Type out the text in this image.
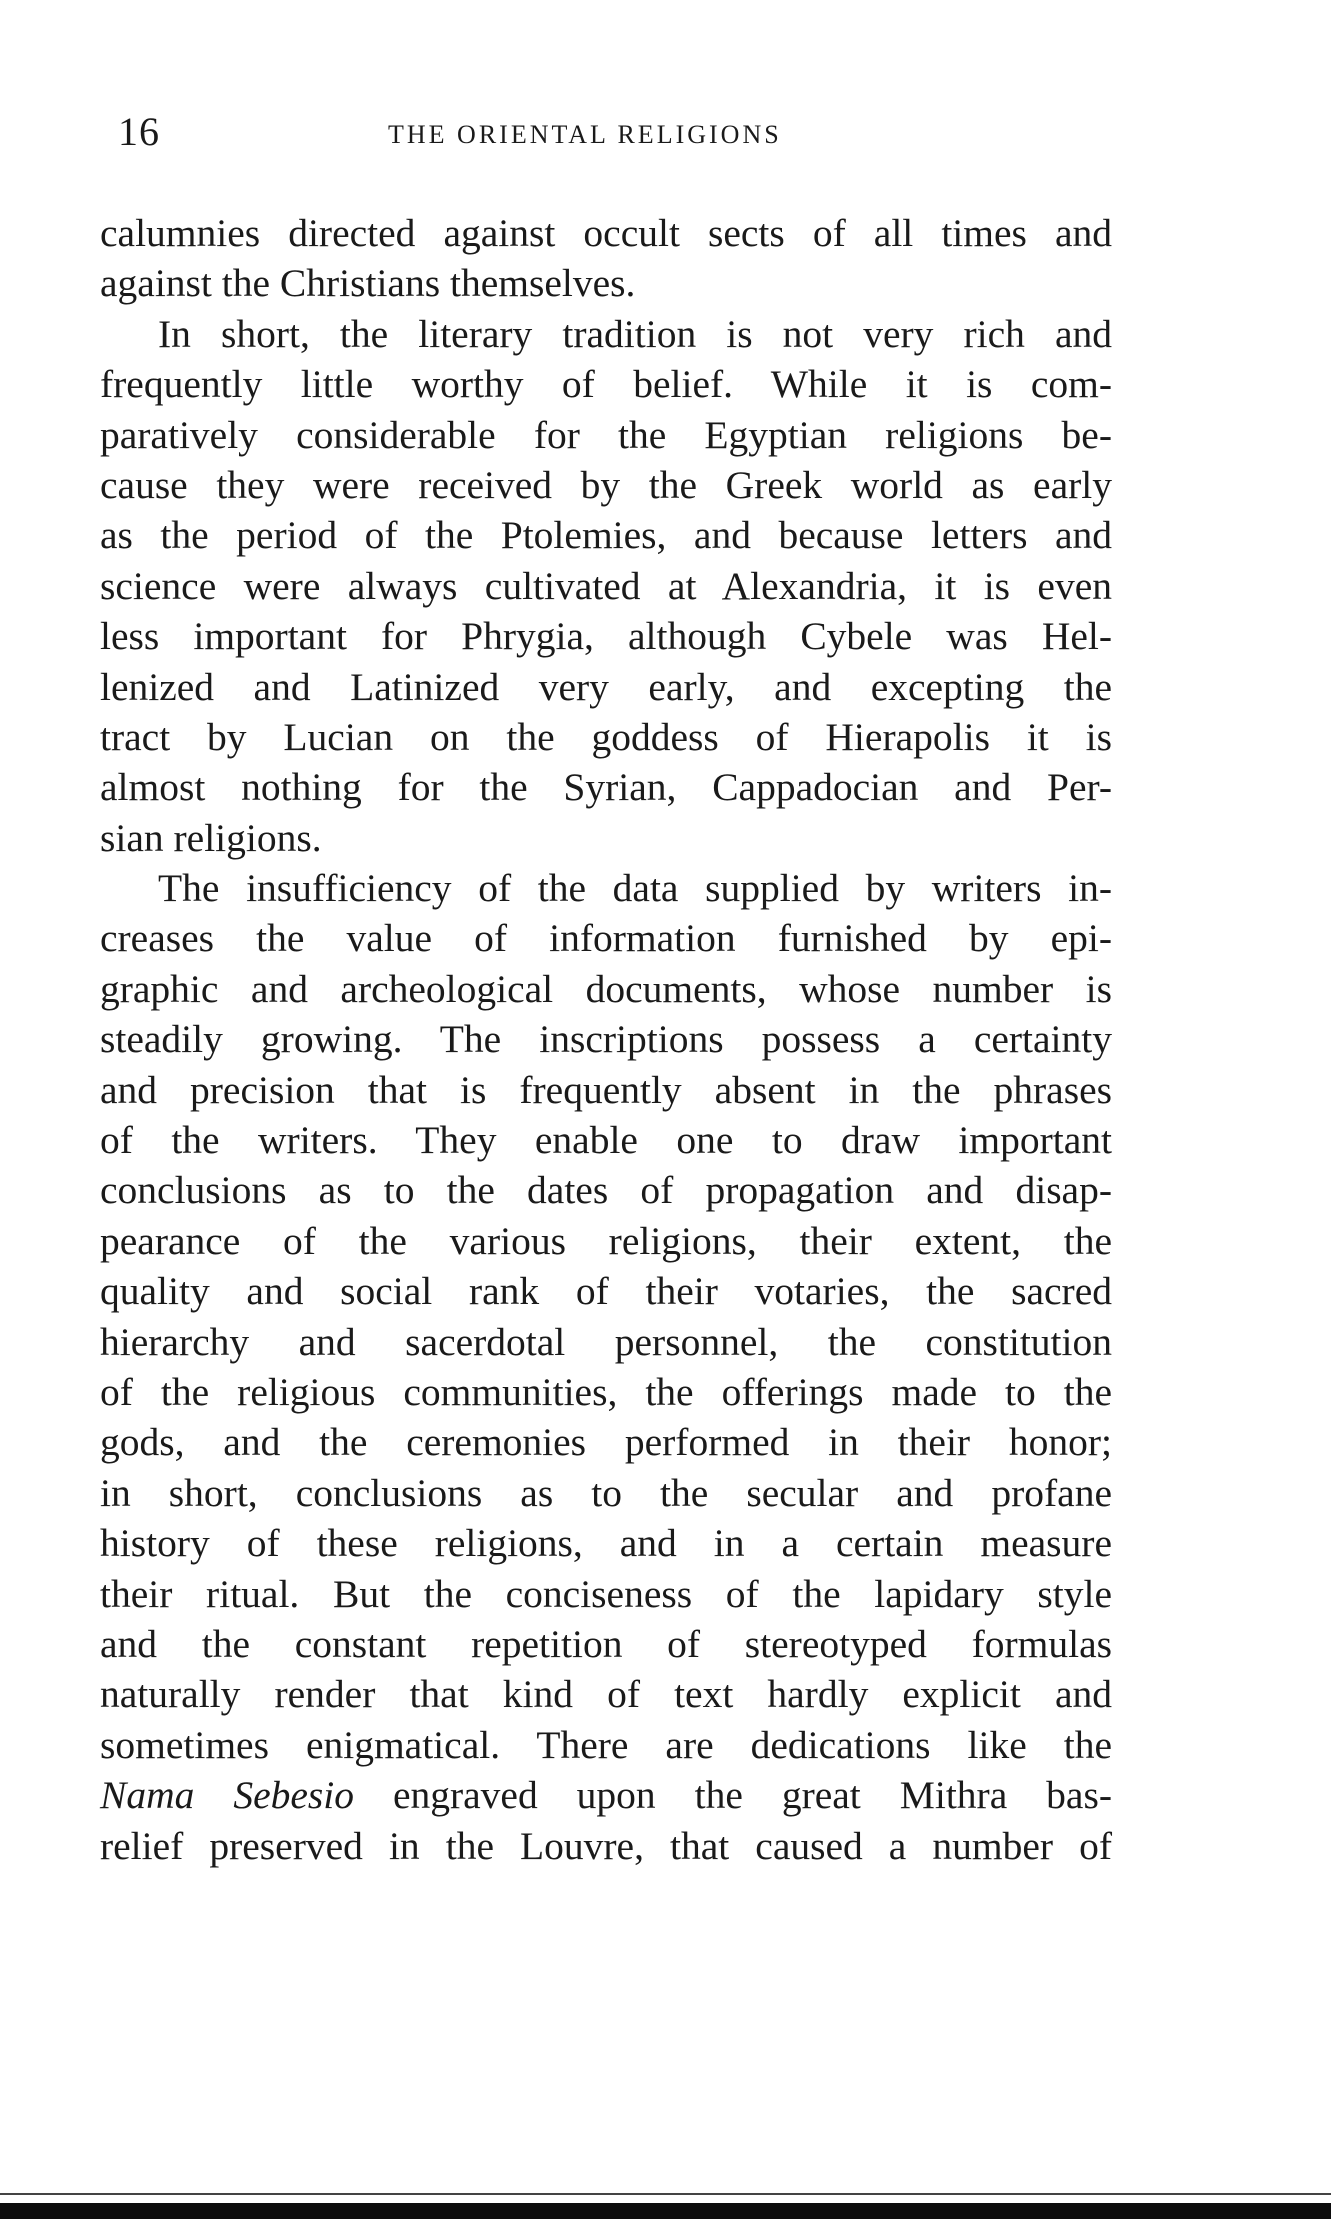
16	THE ORIENTAL RELIGIONS
calumnies directed against occult sects of all times and
against the Christians themselves.
In short, the literary tradition is not very rich and
frequently little worthy of belief. While it is com-
paratively considerable for the Egyptian religions be-
cause they were received by the Greek world as early
as the period of the Ptolemies, and because letters and
science were always cultivated at Alexandria, it is even
less important for Phrygia, although Cybele was Hel-
lenized and Latinized very early, and excepting the
tract by Lucian on the goddess of Hierapolis it is
almost nothing for the Syrian, Cappadocian and Per-
sian religions.
The insufficiency of the data supplied by writers in-
creases the value of information furnished by epi-
graphic and archeological documents, whose number is
steadily growing. The inscriptions possess a certainty
and precision that is frequently absent in the phrases
of the writers. They enable one to draw important
conclusions as to the dates of propagation and disap-
pearance of the various religions, their extent, the
quality and social rank of their votaries, the sacred
hierarchy and sacerdotal personnel, the constitution
of the religious communities, the offerings made to the
gods, and the ceremonies performed in their honor;
in short, conclusions as to the secular and profane
history of these religions, and in a certain measure
their ritual. But the conciseness of the lapidary style
and the constant repetition of stereotyped formulas
naturally render that kind of text hardly explicit and
sometimes enigmatical. There are dedications like the
Nama Sebesio engraved upon the great Mithra bas-
relief preserved in the Louvre, that caused a number of
